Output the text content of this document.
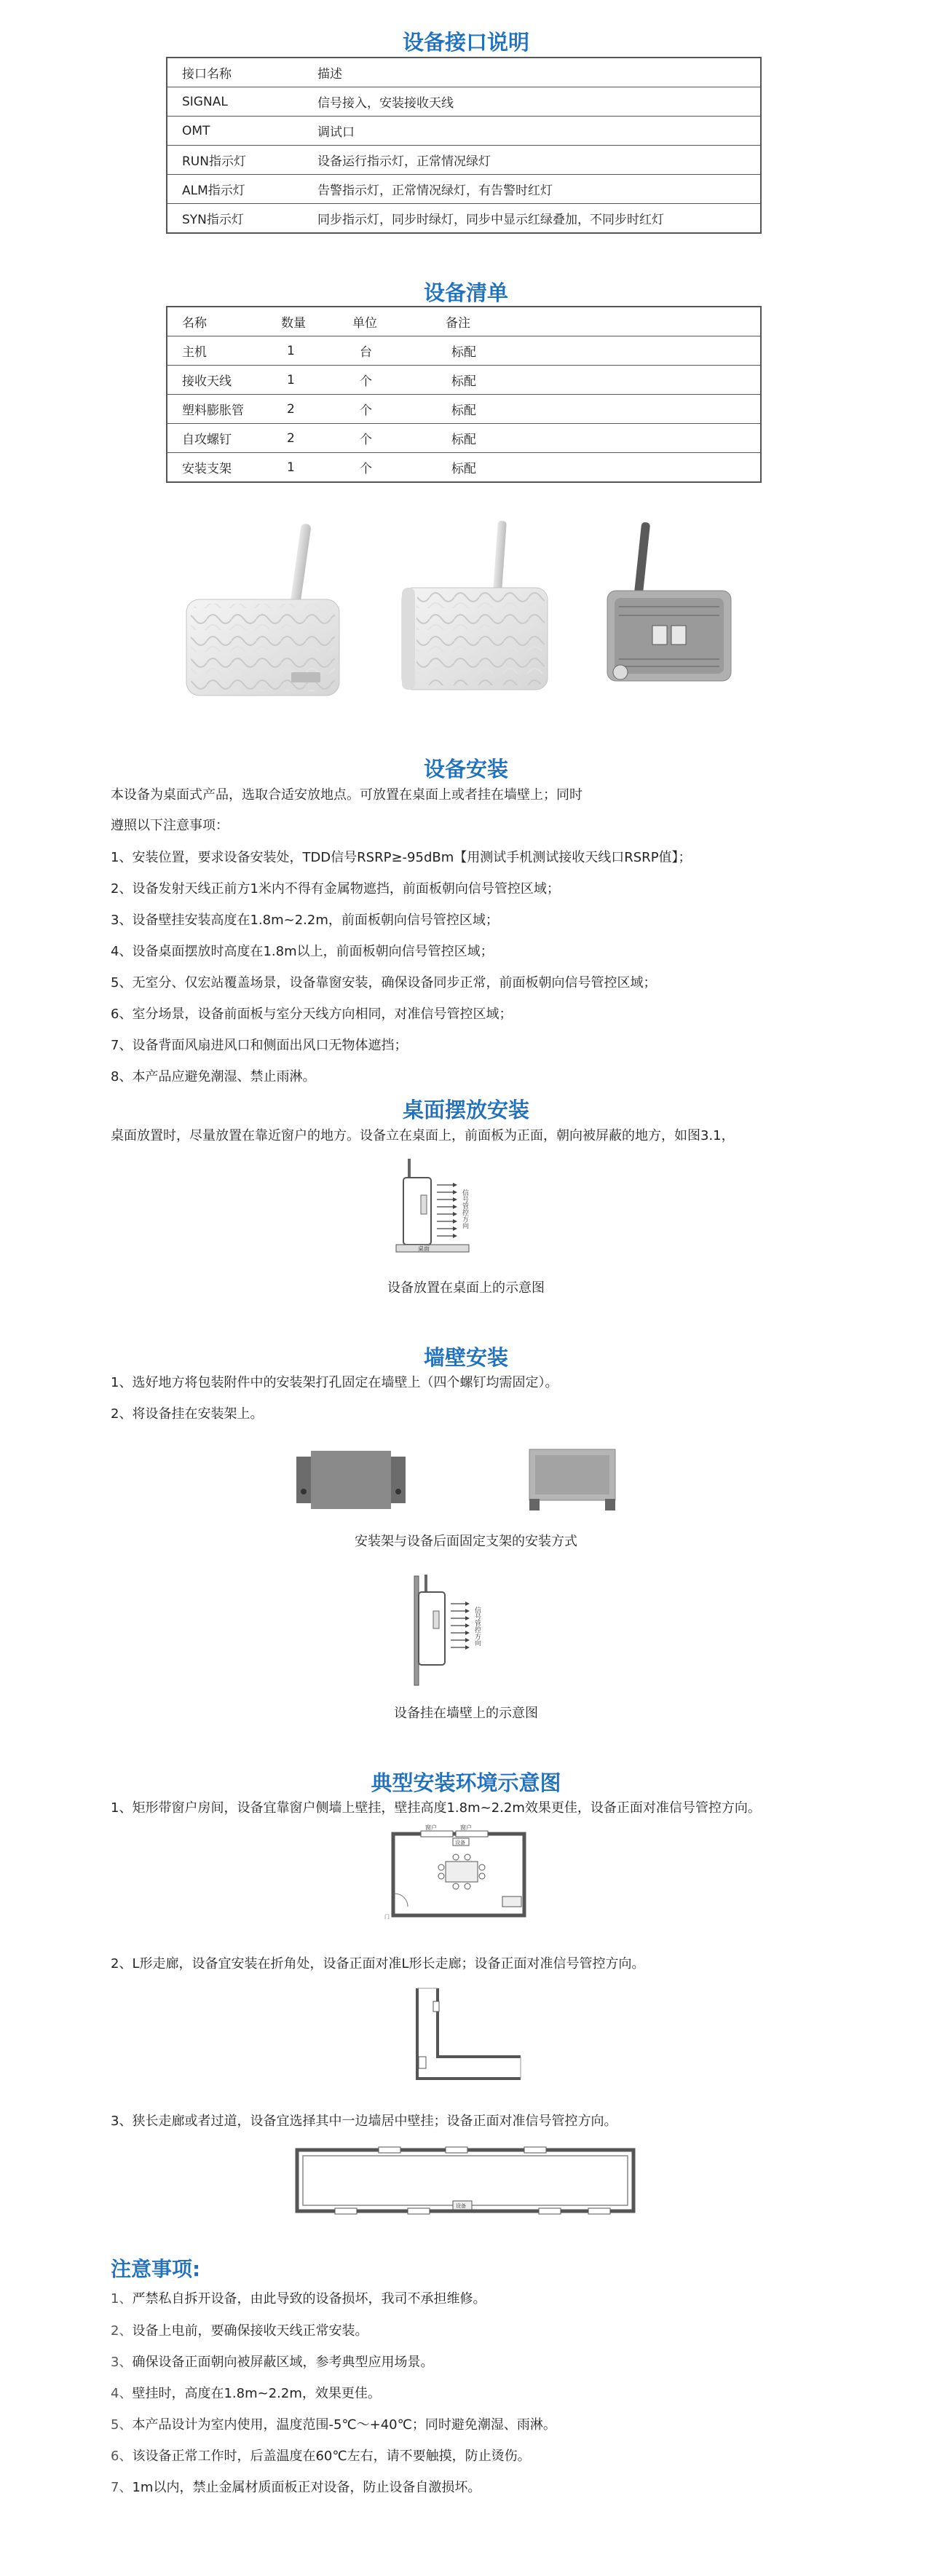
设备接口说明
接口名称	描述
SIGNAL	信号接入，安装接收天线
OMT	调试口
RUN指示灯	设备运行指示灯，正常情况绿灯
ALM指示灯	告警指示灯，正常情况绿灯，有告警时红灯
SYN指示灯	同步指示灯，同步时绿灯，同步中显示红绿叠加，不同步时红灯
设备清单
名称	数量	单位	备注
主机	1	台	标配
接收天线	1	个	标配
塑料膨胀管	2	个	标配
自攻螺钉	2	个	标配
安装支架	1	个	标配
设备安装
本设备为桌面式产品，选取合适安放地点。可放置在桌面上或者挂在墙壁上；同时
遵照以下注意事项：
1、安装位置，要求设备安装处，TDD信号RSRP≥-95dBm【用测试手机测试接收天线口RSRP值】；
2、设备发射天线正前方1米内不得有金属物遮挡，前面板朝向信号管控区域；
3、设备壁挂安装高度在1.8m~2.2m，前面板朝向信号管控区域；
4、设备桌面摆放时高度在1.8m以上，前面板朝向信号管控区域；
5、无室分、仅宏站覆盖场景，设备靠窗安装，确保设备同步正常，前面板朝向信号管控区域；
6、室分场景，设备前面板与室分天线方向相同，对准信号管控区域；
7、设备背面风扇进风口和侧面出风口无物体遮挡；
8、本产品应避免潮湿、禁止雨淋。
桌面摆放安装
桌面放置时，尽量放置在靠近窗户的地方。设备立在桌面上，前面板为正面，朝向被屏蔽的地方，如图3.1，
桌面
信号管控方向
设备放置在桌面上的示意图
墙壁安装
1、选好地方将包装附件中的安装架打孔固定在墙壁上（四个螺钉均需固定）。
2、将设备挂在安装架上。
安装架与设备后面固定支架的安装方式
信号管控方向
设备挂在墙壁上的示意图
典型安装环境示意图
1、矩形带窗户房间，设备宜靠窗户侧墙上壁挂，壁挂高度1.8m~2.2m效果更佳，设备正面对准信号管控方向。
窗户	窗户
设备
门
2、L形走廊，设备宜安装在折角处，设备正面对准L形长走廊；设备正面对准信号管控方向。
3、狭长走廊或者过道，设备宜选择其中一边墙居中壁挂；设备正面对准信号管控方向。
设备
注意事项:
1、严禁私自拆开设备，由此导致的设备损坏，我司不承担维修。
2、设备上电前，要确保接收天线正常安装。
3、确保设备正面朝向被屏蔽区域，参考典型应用场景。
4、壁挂时，高度在1.8m~2.2m，效果更佳。
5、本产品设计为室内使用，温度范围-5℃～+40℃；同时避免潮湿、雨淋。
6、该设备正常工作时，后盖温度在60℃左右，请不要触摸，防止烫伤。
7、1m以内，禁止金属材质面板正对设备，防止设备自激损坏。
